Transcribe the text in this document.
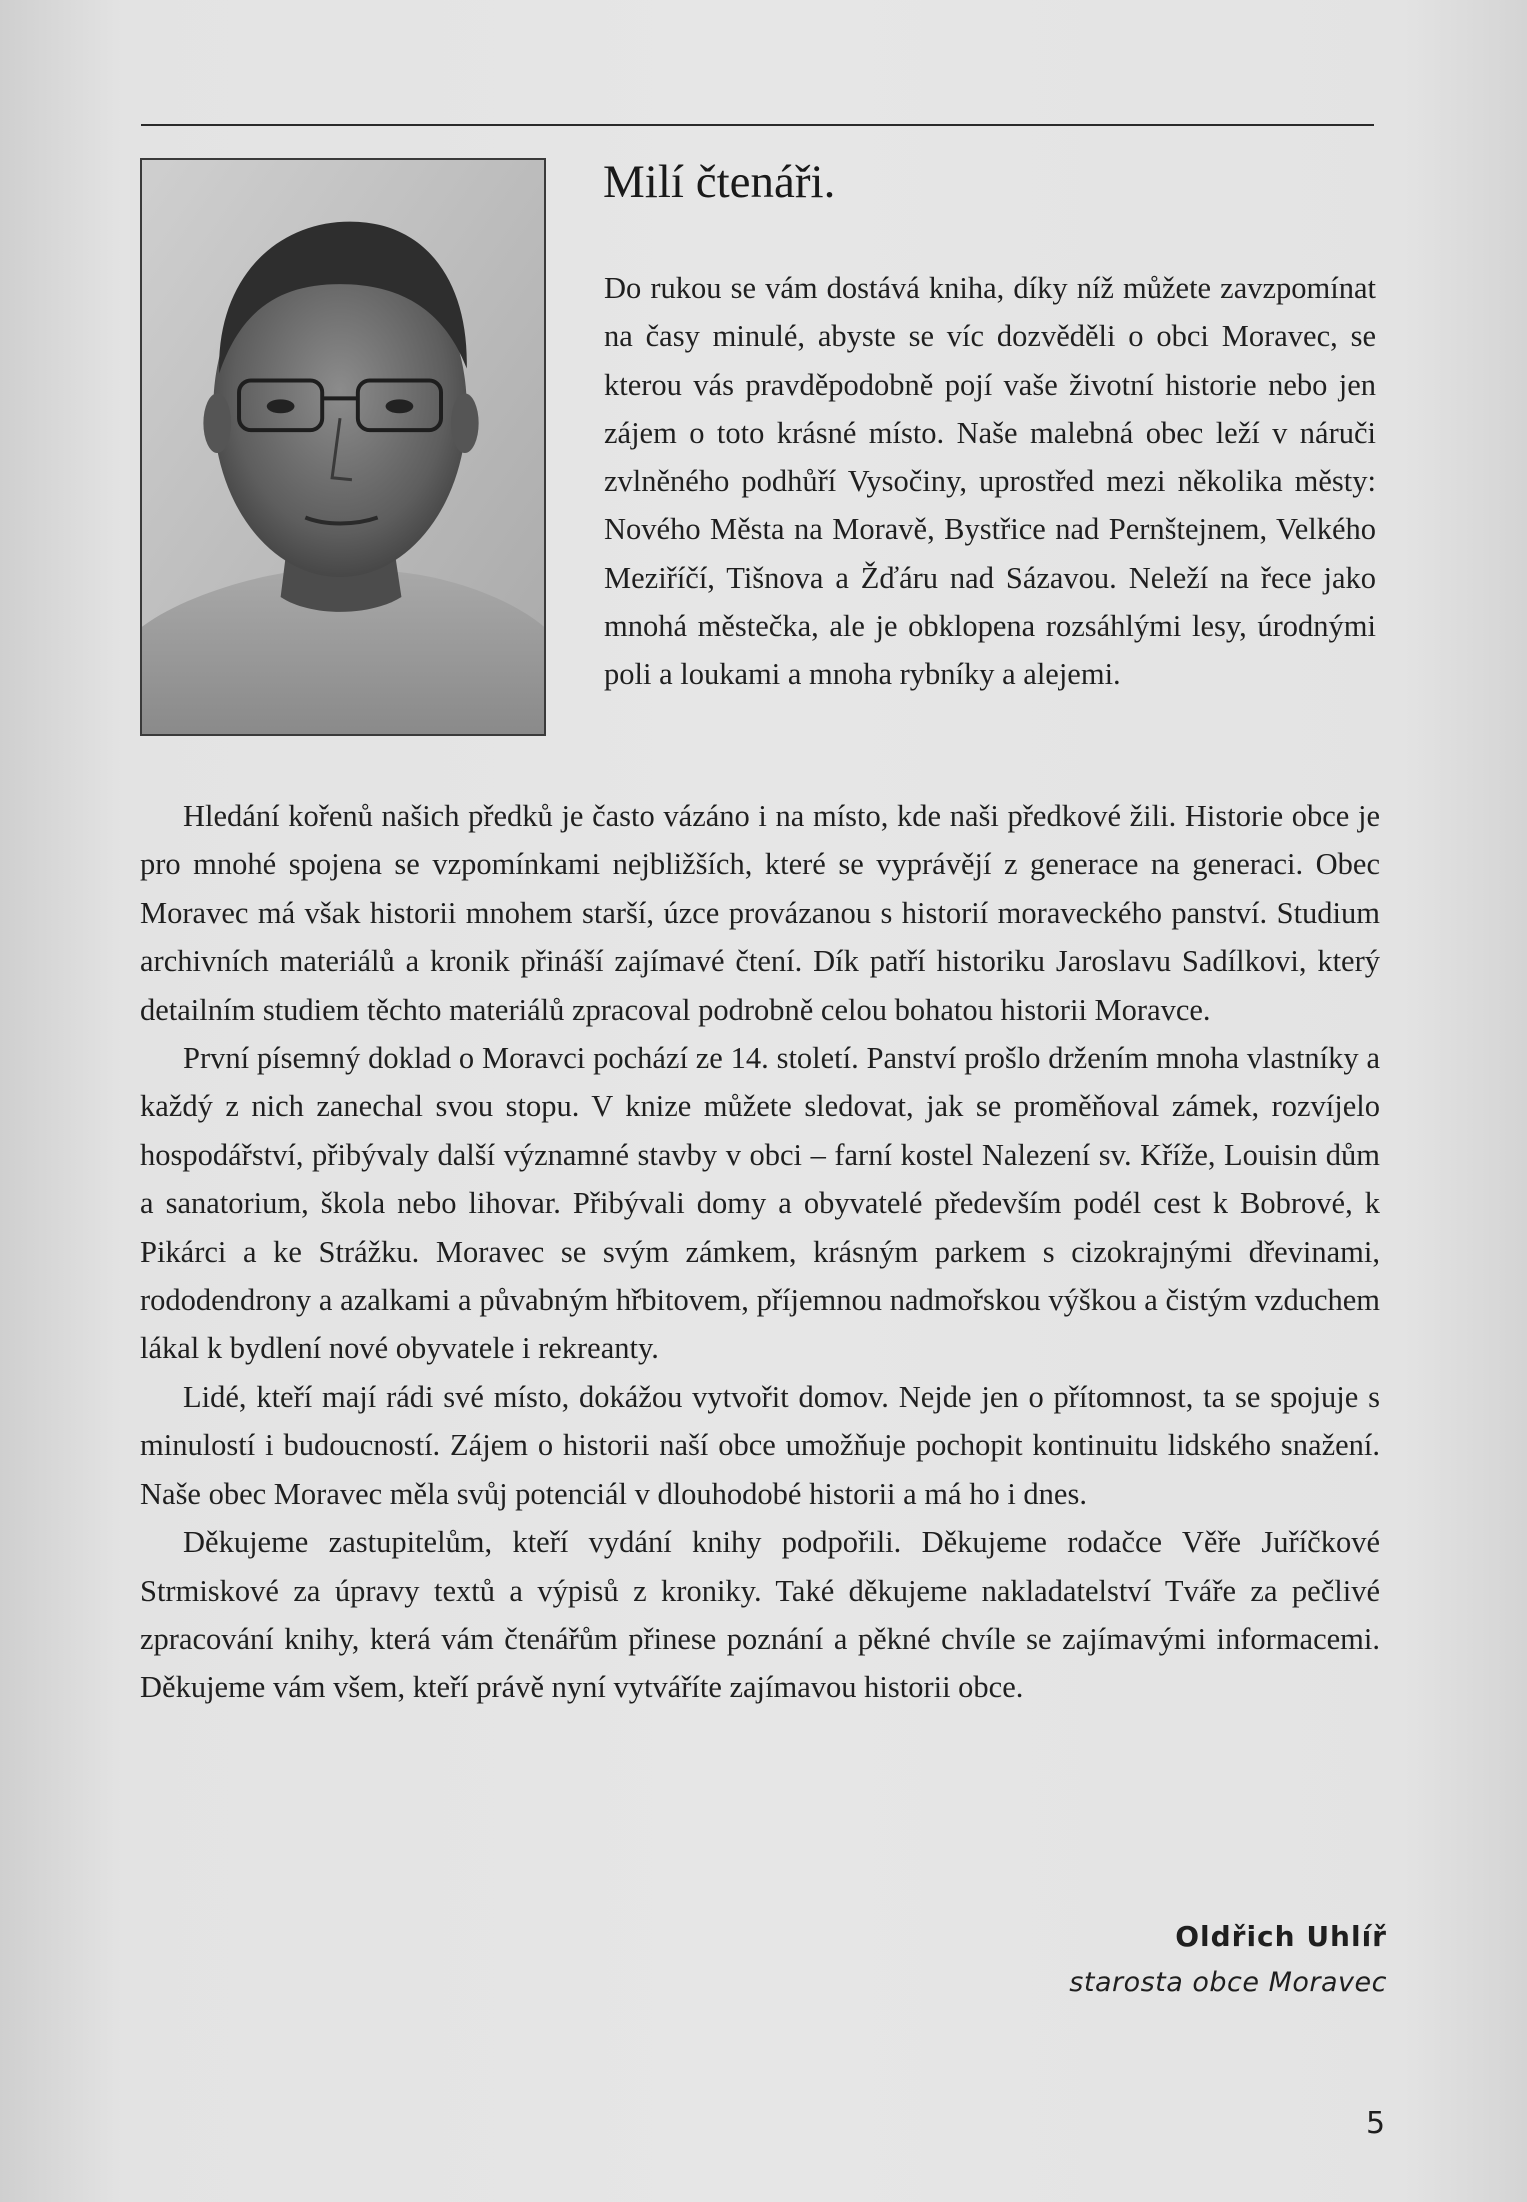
Milí čtenáři.

Do rukou se vám dostává kniha, díky níž můžete zavzpomínat na časy minulé, abyste se víc dozvěděli o obci Moravec, se kterou vás pravděpodobně pojí vaše životní historie nebo jen zájem o toto krásné místo. Naše malebná obec leží v náruči zvlněného podhůří Vysočiny, uprostřed mezi několika městy: Nového Města na Moravě, Bystřice nad Pernštejnem, Velkého Meziříčí, Tišnova a Žďáru nad Sázavou. Neleží na řece jako mnohá městečka, ale je obklopena rozsáhlými lesy, úrodnými poli a loukami a mnoha rybníky a alejemi.

Hledání kořenů našich předků je často vázáno i na místo, kde naši předkové žili. Historie obce je pro mnohé spojena se vzpomínkami nejbližších, které se vyprávějí z generace na generaci. Obec Moravec má však historii mnohem starší, úzce provázanou s historií moraveckého panství. Studium archivních materiálů a kronik přináší zajímavé čtení. Dík patří historiku Jaroslavu Sadílkovi, který detailním studiem těchto materiálů zpracoval podrobně celou bohatou historii Moravce.

První písemný doklad o Moravci pochází ze 14. století. Panství prošlo držením mnoha vlastníky a každý z nich zanechal svou stopu. V knize můžete sledovat, jak se proměňoval zámek, rozvíjelo hospodářství, přibývaly další významné stavby v obci – farní kostel Nalezení sv. Kříže, Louisin dům a sanatorium, škola nebo lihovar. Přibývali domy a obyvatelé především podél cest k Bobrové, k Pikárci a ke Strážku. Moravec se svým zámkem, krásným parkem s cizokrajnými dřevinami, rododendrony a azalkami a půvabným hřbitovem, příjemnou nadmořskou výškou a čistým vzduchem lákal k bydlení nové obyvatele i rekreanty.

Lidé, kteří mají rádi své místo, dokážou vytvořit domov. Nejde jen o přítomnost, ta se spojuje s minulostí i budoucností. Zájem o historii naší obce umožňuje pochopit kontinuitu lidského snažení. Naše obec Moravec měla svůj potenciál v dlouhodobé historii a má ho i dnes.

Děkujeme zastupitelům, kteří vydání knihy podpořili. Děkujeme rodačce Věře Juříčkové Strmiskové za úpravy textů a výpisů z kroniky. Také děkujeme nakladatelství Tváře za pečlivé zpracování knihy, která vám čtenářům přinese poznání a pěkné chvíle se zajímavými informacemi. Děkujeme vám všem, kteří právě nyní vytváříte zajímavou historii obce.

Oldřich Uhlíř
starosta obce Moravec
5
